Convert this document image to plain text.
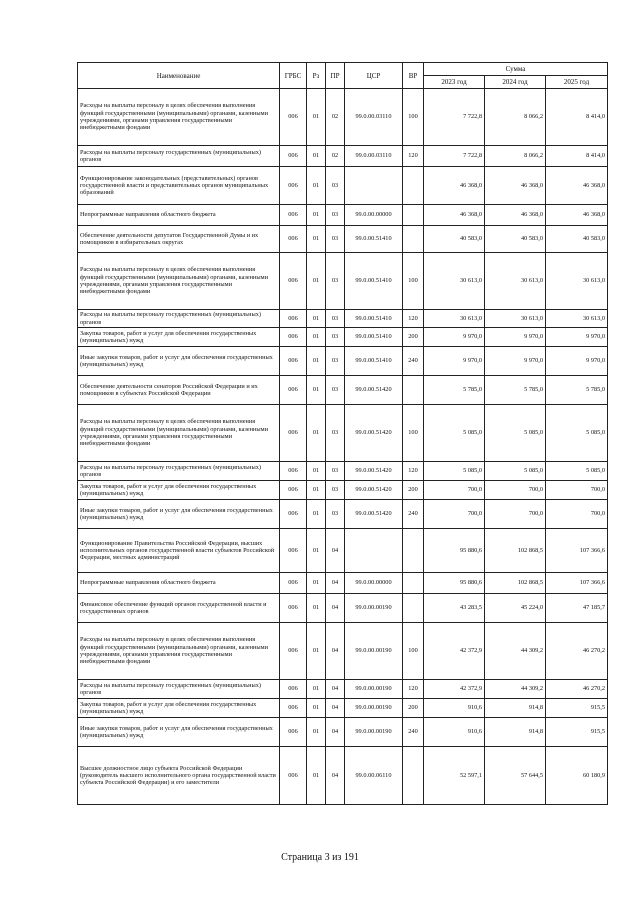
Наименование	ГРБС	Рз	ПР	ЦСР	ВР	Сумма		
						2023 год	2024 год	2025 год
Расходы на выплаты персоналу в целях обеспечения выполнения функций государственными (муниципальными) органами, казенными учреждениями, органами управления государственными внебюджетными фондами	006	01	02	99.0.00.03110	100	7 722,8	8 066,2	8 414,0
Расходы на выплаты персоналу государственных (муниципальных) органов	006	01	02	99.0.00.03110	120	7 722,8	8 066,2	8 414,0
Функционирование законодательных (представительных) органов государственной власти и представительных органов муниципальных образований	006	01	03			46 368,0	46 368,0	46 368,0
Непрограммные направления областного бюджета	006	01	03	99.0.00.00000		46 368,0	46 368,0	46 368,0
Обеспечение деятельности депутатов Государственной Думы и их помощников в избирательных округах	006	01	03	99.0.00.51410		40 583,0	40 583,0	40 583,0
Расходы на выплаты персоналу в целях обеспечения выполнения функций государственными (муниципальными) органами, казенными учреждениями, органами управления государственными внебюджетными фондами	006	01	03	99.0.00.51410	100	30 613,0	30 613,0	30 613,0
Расходы на выплаты персоналу государственных (муниципальных) органов	006	01	03	99.0.00.51410	120	30 613,0	30 613,0	30 613,0
Закупка товаров, работ и услуг для обеспечения государственных (муниципальных) нужд	006	01	03	99.0.00.51410	200	9 970,0	9 970,0	9 970,0
Иные закупки товаров, работ и услуг для обеспечения государственных (муниципальных) нужд	006	01	03	99.0.00.51410	240	9 970,0	9 970,0	9 970,0
Обеспечение деятельности сенаторов Российской Федерации и их помощников в субъектах Российской Федерации	006	01	03	99.0.00.51420		5 785,0	5 785,0	5 785,0
Расходы на выплаты персоналу в целях обеспечения выполнения функций государственными (муниципальными) органами, казенными учреждениями, органами управления государственными внебюджетными фондами	006	01	03	99.0.00.51420	100	5 085,0	5 085,0	5 085,0
Расходы на выплаты персоналу государственных (муниципальных) органов	006	01	03	99.0.00.51420	120	5 085,0	5 085,0	5 085,0
Закупка товаров, работ и услуг для обеспечения государственных (муниципальных) нужд	006	01	03	99.0.00.51420	200	700,0	700,0	700,0
Иные закупки товаров, работ и услуг для обеспечения государственных (муниципальных) нужд	006	01	03	99.0.00.51420	240	700,0	700,0	700,0
Функционирование Правительства Российской Федерации, высших исполнительных органов государственной власти субъектов Российской Федерации, местных администраций	006	01	04			95 880,6	102 868,5	107 366,6
Непрограммные направления областного бюджета	006	01	04	99.0.00.00000		95 880,6	102 868,5	107 366,6
Финансовое обеспечение функций органов государственной власти и государственных органов	006	01	04	99.0.00.00190		43 283,5	45 224,0	47 185,7
Расходы на выплаты персоналу в целях обеспечения выполнения функций государственными (муниципальными) органами, казенными учреждениями, органами управления государственными внебюджетными фондами	006	01	04	99.0.00.00190	100	42 372,9	44 309,2	46 270,2
Расходы на выплаты персоналу государственных (муниципальных) органов	006	01	04	99.0.00.00190	120	42 372,9	44 309,2	46 270,2
Закупка товаров, работ и услуг для обеспечения государственных (муниципальных) нужд	006	01	04	99.0.00.00190	200	910,6	914,8	915,5
Иные закупки товаров, работ и услуг для обеспечения государственных (муниципальных) нужд	006	01	04	99.0.00.00190	240	910,6	914,8	915,5
Высшее должностное лицо субъекта Российской Федерации (руководитель высшего исполнительного органа государственной власти субъекта Российской Федерации) и его заместители	006	01	04	99.0.00.06110		52 597,1	57 644,5	60 180,9
Страница 3 из 191
